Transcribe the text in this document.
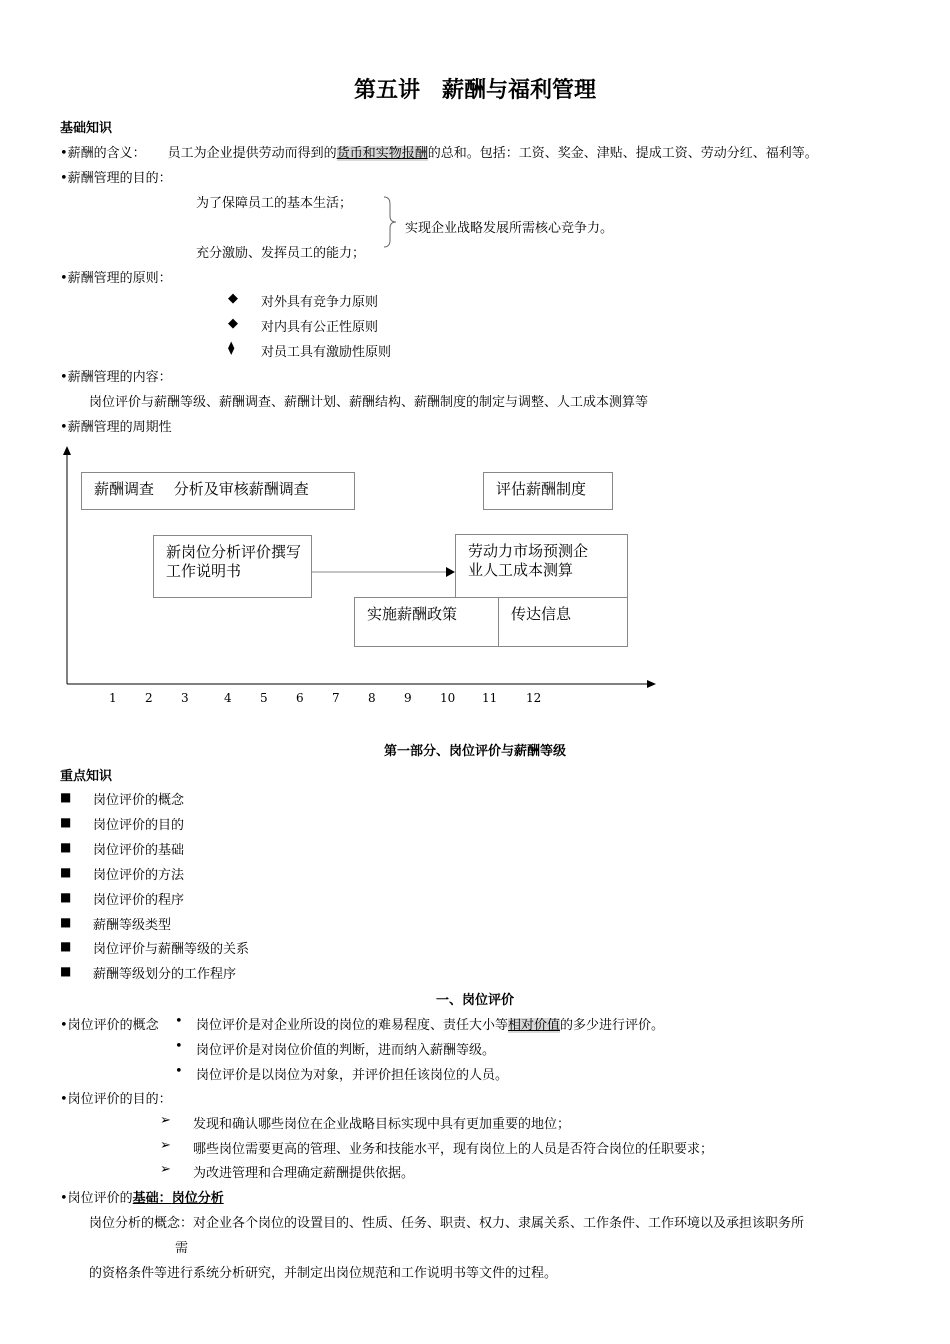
第五讲　薪酬与福利管理
基础知识
•薪酬的含义： 员工为企业提供劳动而得到的货币和实物报酬的总和。包括：工资、奖金、津贴、提成工资、劳动分红、福利等。
•薪酬管理的目的：
为了保障员工的基本生活；
充分激励、发挥员工的能力；
实现企业战略发展所需核心竞争力。
•薪酬管理的原则：
◆ 对外具有竞争力原则
◆ 对内具有公正性原则
⧫ 对员工具有激励性原则
•薪酬管理的内容：
岗位评价与薪酬等级、薪酬调查、薪酬计划、薪酬结构、薪酬制度的制定与调整、人工成本测算等
•薪酬管理的周期性
薪酬调查　 分析及审核薪酬调查	评估薪酬制度
新岗位分析评价撰写工作说明书
劳动力市场预测企业人工成本测算
实施薪酬政策	传达信息
1 2 3	4 5 6 7 8 9 10 11 12
第一部分、岗位评价与薪酬等级
重点知识
■ 岗位评价的概念
■ 岗位评价的目的
■ 岗位评价的基础
■ 岗位评价的方法
■ 岗位评价的程序
■ 薪酬等级类型
■ 岗位评价与薪酬等级的关系
■ 薪酬等级划分的工作程序
一、岗位评价
•岗位评价的概念 • 岗位评价是对企业所设的岗位的难易程度、责任大小等相对价值的多少进行评价。
• 岗位评价是对岗位价值的判断，进而纳入薪酬等级。
• 岗位评价是以岗位为对象，并评价担任该岗位的人员。
•岗位评价的目的：
➢ 发现和确认哪些岗位在企业战略目标实现中具有更加重要的地位；
➢ 哪些岗位需要更高的管理、业务和技能水平，现有岗位上的人员是否符合岗位的任职要求；
➢ 为改进管理和合理确定薪酬提供依据。
•岗位评价的基础：岗位分析
岗位分析的概念：对企业各个岗位的设置目的、性质、任务、职责、权力、隶属关系、工作条件、工作环境以及承担该职务所
需
的资格条件等进行系统分析研究，并制定出岗位规范和工作说明书等文件的过程。
